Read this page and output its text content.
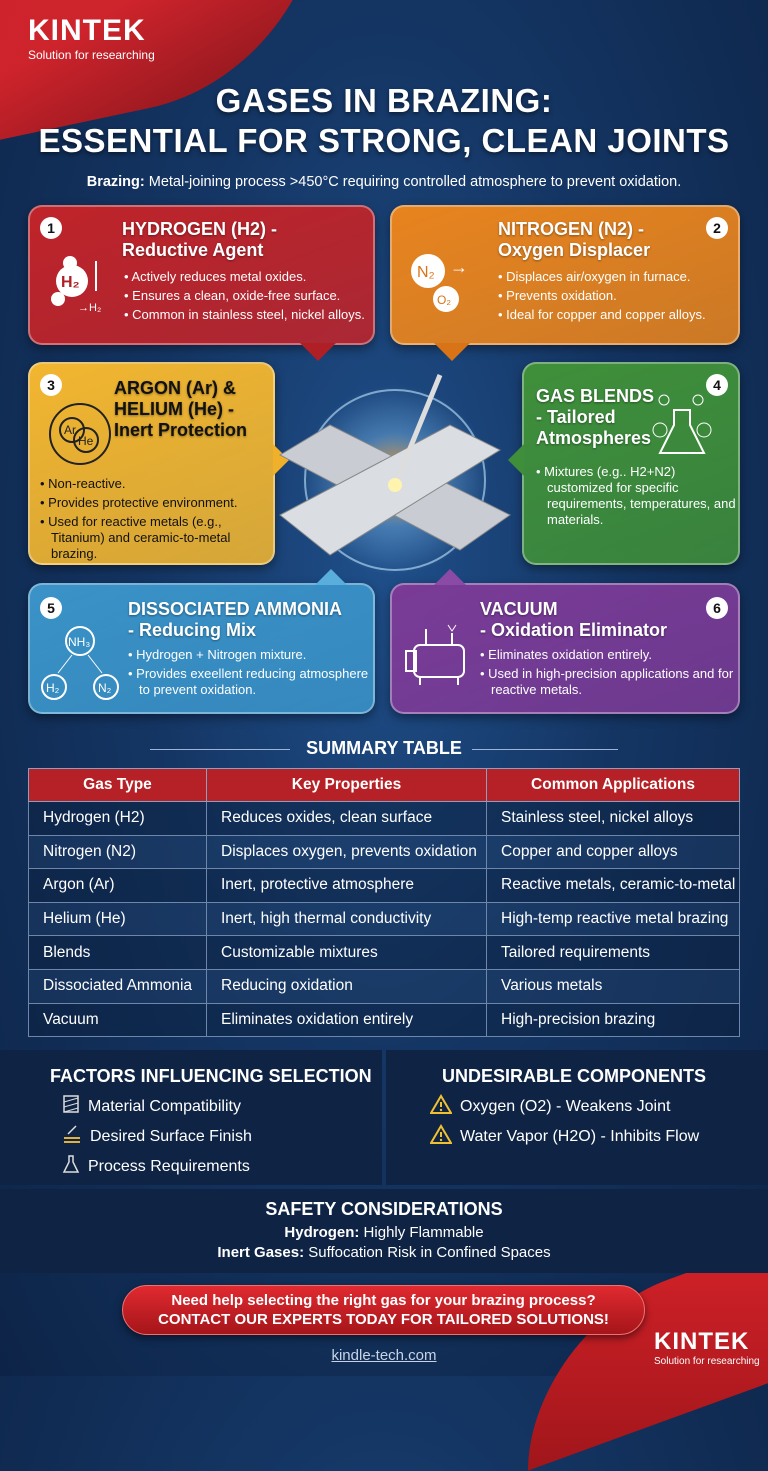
KINTEK
Solution for researching
GASES IN BRAZING:
ESSENTIAL FOR STRONG, CLEAN JOINTS
Brazing: Metal-joining process >450°C requiring controlled atmosphere to prevent oxidation.
1
H₂
→H₂
HYDROGEN (H2) -
Reductive Agent
• Actively reduces metal oxides.
• Ensures a clean, oxide-free surface.
• Common in stainless steel, nickel alloys.
2
N₂
O₂
→
NITROGEN (N2) -
Oxygen Displacer
• Displaces air/oxygen in furnace.
• Prevents oxidation.
• Ideal for copper and copper alloys.
3
Ar
He
ARGON (Ar) &
HELIUM (He) -
Inert Protection
• Non-reactive.
• Provides protective environment.
• Used for reactive metals (e.g., Titanium) and ceramic-to-metal brazing.
4
GAS BLENDS
- Tailored
Atmospheres
• Mixtures (e.g.. H2+N2) customized for specific requirements, temperatures, and materials.
5
NH₃
H₂	N₂
DISSOCIATED AMMONIA
- Reducing Mix
• Hydrogen + Nitrogen mixture.
• Provides exeellent reducing atmosphere to prevent oxidation.
6
VACUUM
- Oxidation Eliminator
• Eliminates oxidation entirely.
• Used in high-precision applications and for reactive metals.
SUMMARY TABLE
Gas Type	Key Properties	Common Applications
Hydrogen (H2)	Reduces oxides, clean surface	Stainless steel, nickel alloys
Nitrogen (N2)	Displaces oxygen, prevents oxidation	Copper and copper alloys
Argon (Ar)	Inert, protective atmosphere	Reactive metals, ceramic-to-metal
Helium (He)	Inert, high thermal conductivity	High-temp reactive metal brazing
Blends	Customizable mixtures	Tailored requirements
Dissociated Ammonia	Reducing oxidation	Various metals
Vacuum	Eliminates oxidation entirely	High-precision brazing
FACTORS INFLUENCING SELECTION
Material Compatibility
Desired Surface Finish
Process Requirements
UNDESIRABLE COMPONENTS
Oxygen (O2) - Weakens Joint
Water Vapor (H2O) - Inhibits Flow
SAFETY CONSIDERATIONS
Hydrogen: Highly Flammable
Inert Gases: Suffocation Risk in Confined Spaces
Need help selecting the right gas for your brazing process?
CONTACT OUR EXPERTS TODAY FOR TAILORED SOLUTIONS!
kindle-tech.com
KINTEK
Solution for researching
